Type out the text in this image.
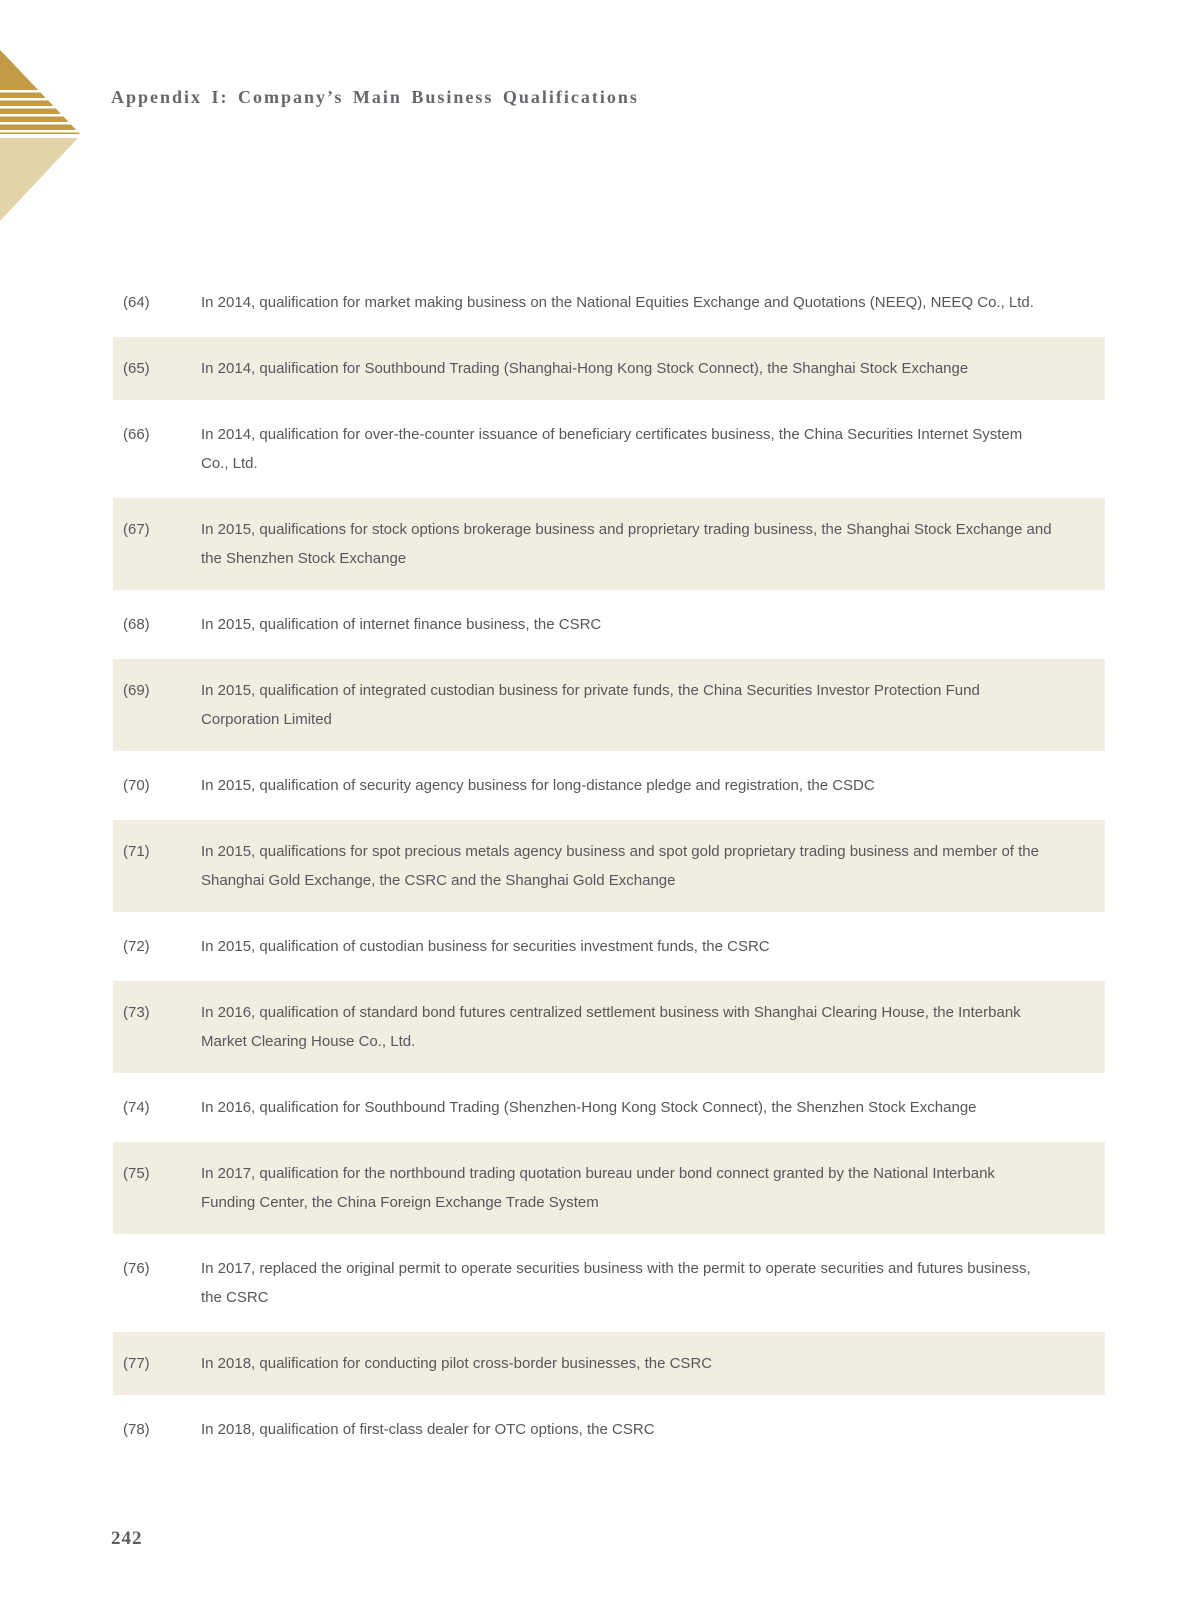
Appendix I: Company’s Main Business Qualifications
(64)	In 2014, qualification for market making business on the National Equities Exchange and Quotations (NEEQ), NEEQ Co., Ltd.
(65)	In 2014, qualification for Southbound Trading (Shanghai-Hong Kong Stock Connect), the Shanghai Stock Exchange
(66)	In 2014, qualification for over-the-counter issuance of beneficiary certificates business, the China Securities Internet System Co., Ltd.
(67)	In 2015, qualifications for stock options brokerage business and proprietary trading business, the Shanghai Stock Exchange and the Shenzhen Stock Exchange
(68)	In 2015, qualification of internet finance business, the CSRC
(69)	In 2015, qualification of integrated custodian business for private funds, the China Securities Investor Protection Fund Corporation Limited
(70)	In 2015, qualification of security agency business for long-distance pledge and registration, the CSDC
(71)	In 2015, qualifications for spot precious metals agency business and spot gold proprietary trading business and member of the Shanghai Gold Exchange, the CSRC and the Shanghai Gold Exchange
(72)	In 2015, qualification of custodian business for securities investment funds, the CSRC
(73)	In 2016, qualification of standard bond futures centralized settlement business with Shanghai Clearing House, the Interbank Market Clearing House Co., Ltd.
(74)	In 2016, qualification for Southbound Trading (Shenzhen-Hong Kong Stock Connect), the Shenzhen Stock Exchange
(75)	In 2017, qualification for the northbound trading quotation bureau under bond connect granted by the National Interbank Funding Center, the China Foreign Exchange Trade System
(76)	In 2017, replaced the original permit to operate securities business with the permit to operate securities and futures business, the CSRC
(77)	In 2018, qualification for conducting pilot cross-border businesses, the CSRC
(78)	In 2018, qualification of first-class dealer for OTC options, the CSRC
242
